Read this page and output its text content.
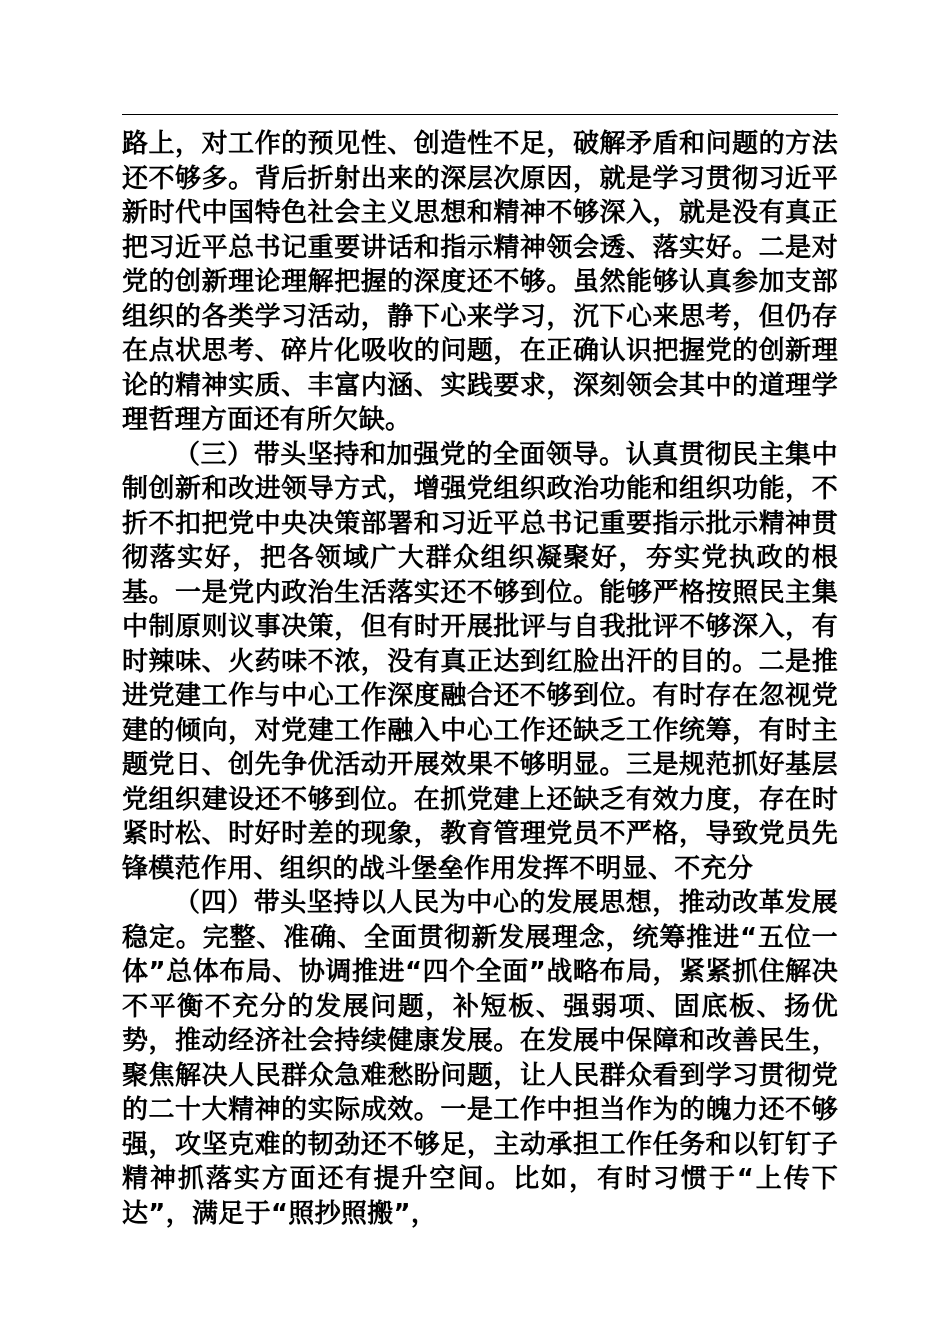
路上，对工作的预见性、创造性不足，破解矛盾和问题的方法还不够多。背后折射出来的深层次原因，就是学习贯彻习近平新时代中国特色社会主义思想和精神不够深入，就是没有真正把习近平总书记重要讲话和指示精神领会透、落实好。二是对党的创新理论理解把握的深度还不够。虽然能够认真参加支部组织的各类学习活动，静下心来学习，沉下心来思考，但仍存在点状思考、碎片化吸收的问题，在正确认识把握党的创新理论的精神实质、丰富内涵、实践要求，深刻领会其中的道理学理哲理方面还有所欠缺。

（三）带头坚持和加强党的全面领导。认真贯彻民主集中制创新和改进领导方式，增强党组织政治功能和组织功能，不折不扣把党中央决策部署和习近平总书记重要指示批示精神贯彻落实好，把各领域广大群众组织凝聚好，夯实党执政的根基。一是党内政治生活落实还不够到位。能够严格按照民主集中制原则议事决策，但有时开展批评与自我批评不够深入，有时辣味、火药味不浓，没有真正达到红脸出汗的目的。二是推进党建工作与中心工作深度融合还不够到位。有时存在忽视党建的倾向，对党建工作融入中心工作还缺乏工作统筹，有时主题党日、创先争优活动开展效果不够明显。三是规范抓好基层党组织建设还不够到位。在抓党建上还缺乏有效力度，存在时紧时松、时好时差的现象，教育管理党员不严格，导致党员先锋模范作用、组织的战斗堡垒作用发挥不明显、不充分

（四）带头坚持以人民为中心的发展思想，推动改革发展稳定。完整、准确、全面贯彻新发展理念，统筹推进“五位一体”总体布局、协调推进“四个全面”战略布局，紧紧抓住解决不平衡不充分的发展问题，补短板、强弱项、固底板、扬优势，推动经济社会持续健康发展。在发展中保障和改善民生，聚焦解决人民群众急难愁盼问题，让人民群众看到学习贯彻党的二十大精神的实际成效。一是工作中担当作为的魄力还不够强，攻坚克难的韧劲还不够足，主动承担工作任务和以钉钉子精神抓落实方面还有提升空间。比如，有时习惯于“上传下达”，满足于“照抄照搬”，
